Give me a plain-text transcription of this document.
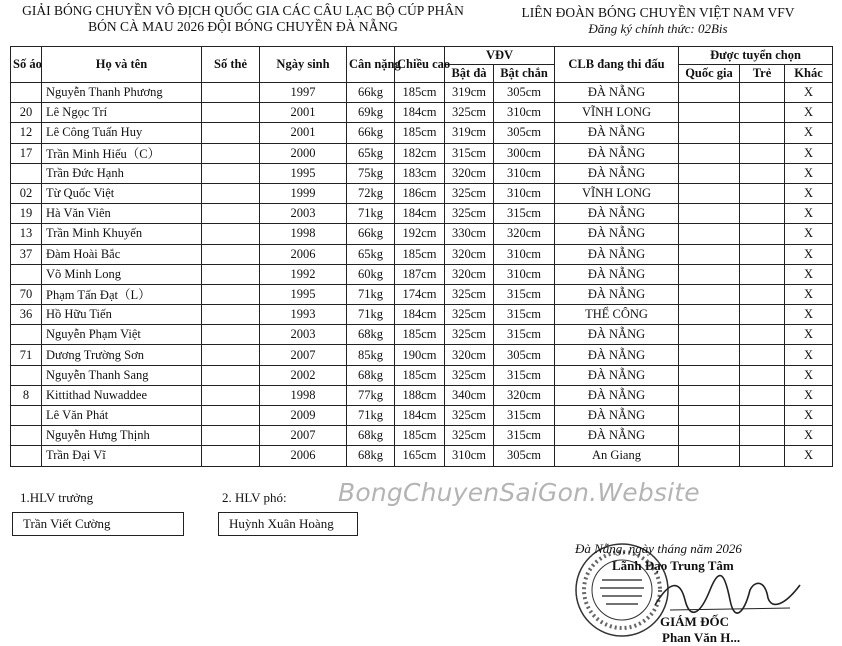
GIẢI BÓNG CHUYỀN VÔ ĐỊCH QUỐC GIA CÁC CÂU LẠC BỘ CÚP PHÂN
BÓN CÀ MAU 2026 ĐỘI BÓNG CHUYỀN ĐÀ NẴNG
LIÊN ĐOÀN BÓNG CHUYỀN VIỆT NAM VFV
Đăng ký chính thức: 02Bis
Số áo	Họ và tên	Số thẻ	Ngày sinh	Cân nặng	Chiều cao	VĐV		CLB đang thi đấu	Được tuyển chọn		
						Bật đà	Bật chắn		Quốc gia	Trẻ	Khác
	Nguyễn Thanh Phương		1997	66kg	185cm	319cm	305cm	ĐÀ NẴNG			X
20	Lê Ngọc Trí		2001	69kg	184cm	325cm	310cm	VĨNH LONG			X
12	Lê Công Tuấn Huy		2001	66kg	185cm	319cm	305cm	ĐÀ NẴNG			X
17	Trần Minh Hiếu（C）		2000	65kg	182cm	315cm	300cm	ĐÀ NẴNG			X
	Trần Đức Hạnh		1995	75kg	183cm	320cm	310cm	ĐÀ NẴNG			X
02	Từ Quốc Việt		1999	72kg	186cm	325cm	310cm	VĨNH LONG			X
19	Hà Văn Viên		2003	71kg	184cm	325cm	315cm	ĐÀ NẴNG			X
13	Trần Minh Khuyến		1998	66kg	192cm	330cm	320cm	ĐÀ NẴNG			X
37	Đàm Hoài Bắc		2006	65kg	185cm	320cm	310cm	ĐÀ NẴNG			X
	Võ Minh Long		1992	60kg	187cm	320cm	310cm	ĐÀ NẴNG			X
70	Phạm Tấn Đạt（L）		1995	71kg	174cm	325cm	315cm	ĐÀ NẴNG			X
36	Hồ Hữu Tiến		1993	71kg	184cm	325cm	315cm	THỂ CÔNG			X
	Nguyễn Phạm Việt		2003	68kg	185cm	325cm	315cm	ĐÀ NẴNG			X
71	Dương Trường Sơn		2007	85kg	190cm	320cm	305cm	ĐÀ NẴNG			X
	Nguyễn Thanh Sang		2002	68kg	185cm	325cm	315cm	ĐÀ NẴNG			X
8	Kittithad Nuwaddee		1998	77kg	188cm	340cm	320cm	ĐÀ NẴNG			X
	Lê Văn Phát		2009	71kg	184cm	325cm	315cm	ĐÀ NẴNG			X
	Nguyễn Hưng Thịnh		2007	68kg	185cm	325cm	315cm	ĐÀ NẴNG			X
	Trần Đại Vĩ		2006	68kg	165cm	310cm	305cm	An Giang			X
1.HLV trưởng
Trần Viết Cường
2. HLV phó:
Huỳnh Xuân Hoàng
BongChuyenSaiGon.Website
Đà Nẵng, ngày tháng năm 2026
Lãnh Đạo Trung Tâm
GIÁM ĐỐC
Phan Văn H...
